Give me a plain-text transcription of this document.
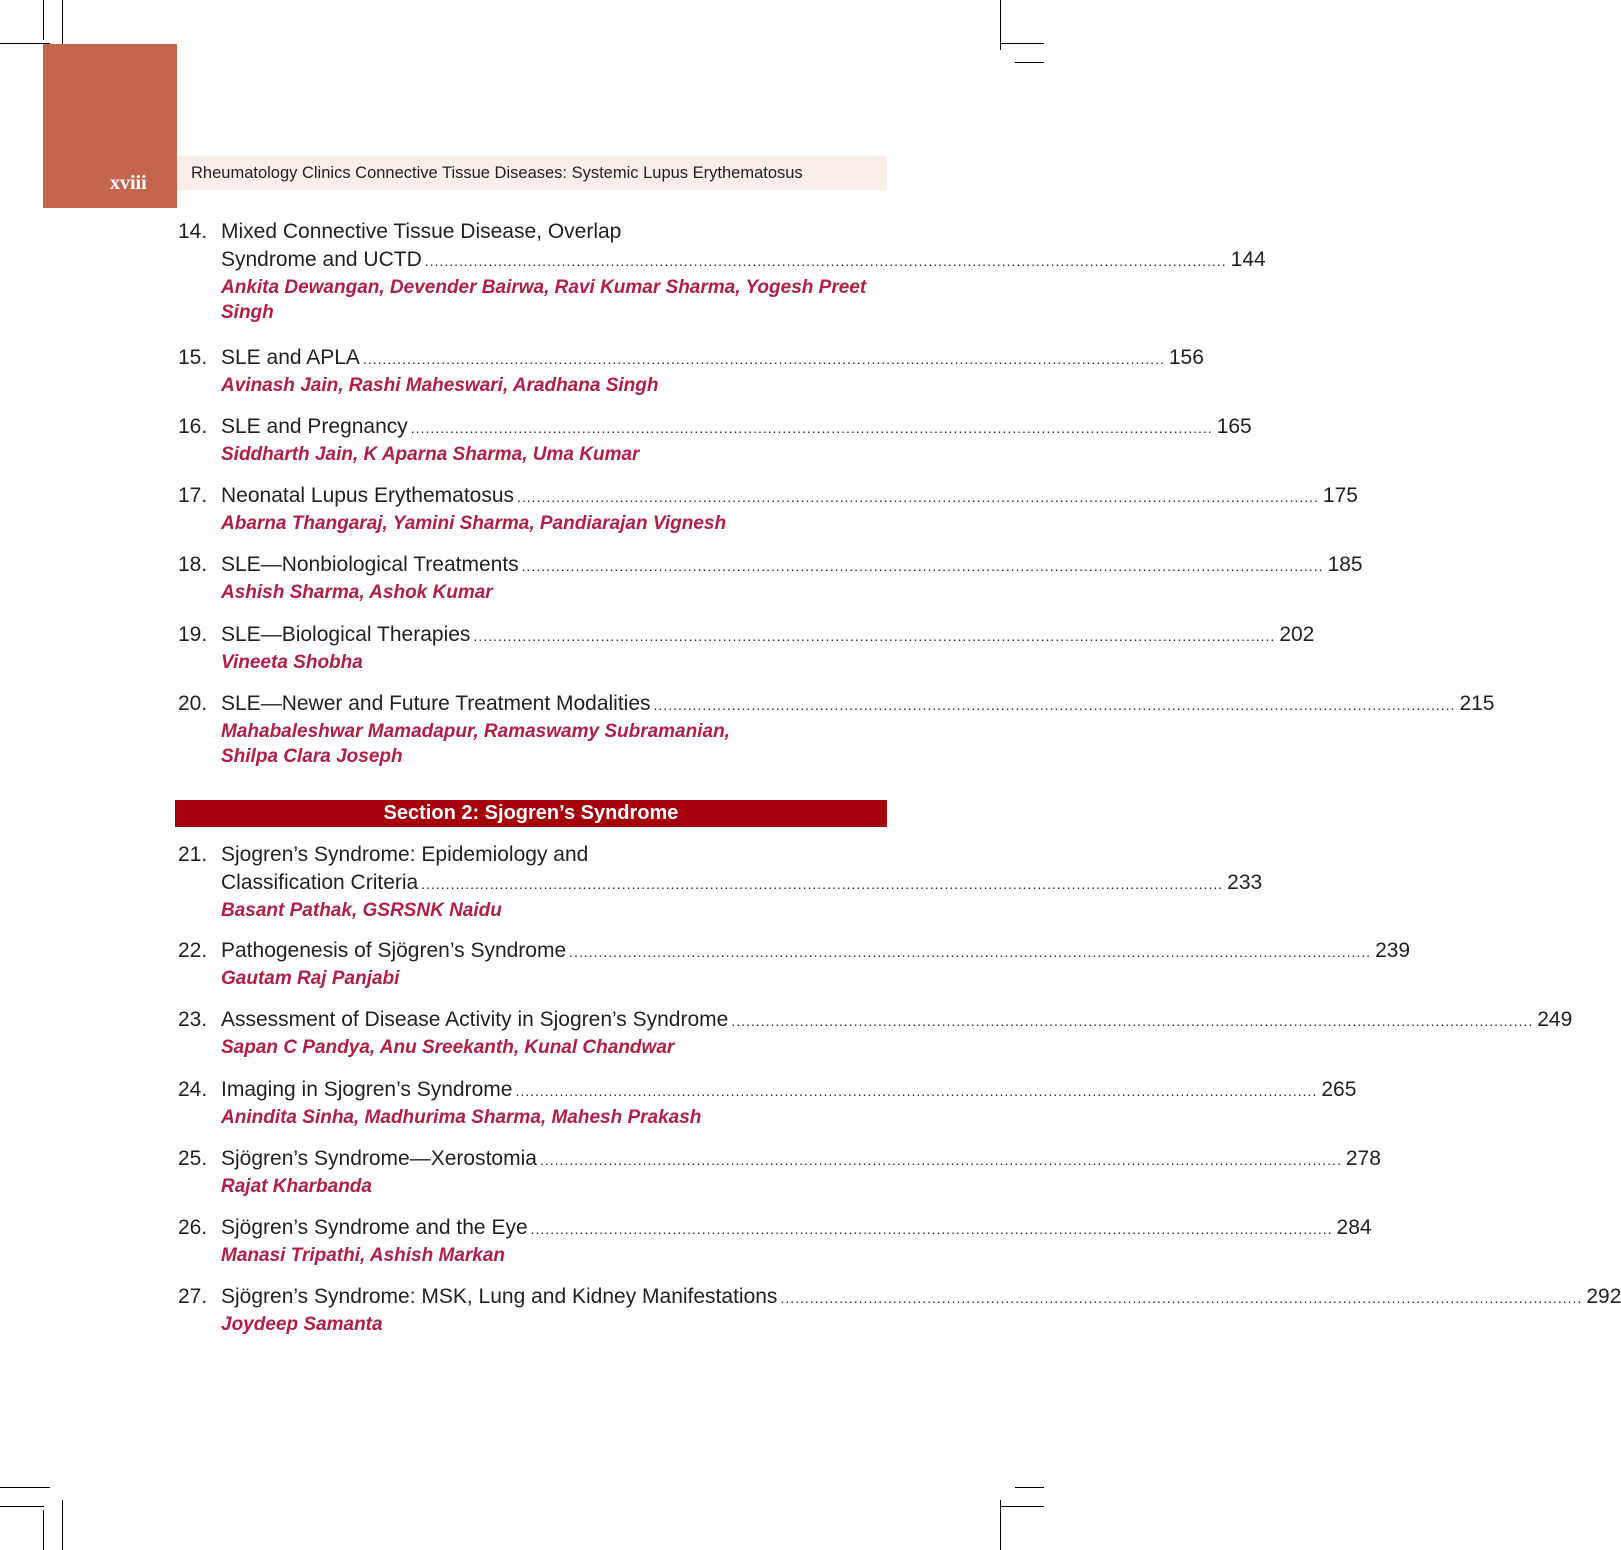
xviii	Rheumatology Clinics Connective Tissue Diseases: Systemic Lupus Erythematosus
14. Mixed Connective Tissue Disease, Overlap
Syndrome and UCTD .................................................................................................................................................................... 144
Ankita Dewangan, Devender Bairwa, Ravi Kumar Sharma, Yogesh Preet
Singh
15. SLE and APLA .................................................................................................................................................................... 156
Avinash Jain, Rashi Maheswari, Aradhana Singh
16. SLE and Pregnancy .................................................................................................................................................................... 165
Siddharth Jain, K Aparna Sharma, Uma Kumar
17. Neonatal Lupus Erythematosus .................................................................................................................................................................... 175
Abarna Thangaraj, Yamini Sharma, Pandiarajan Vignesh
18. SLE—Nonbiological Treatments .................................................................................................................................................................... 185
Ashish Sharma, Ashok Kumar
19. SLE—Biological Therapies .................................................................................................................................................................... 202
Vineeta Shobha
20. SLE—Newer and Future Treatment Modalities .................................................................................................................................................................... 215
Mahabaleshwar Mamadapur, Ramaswamy Subramanian,
Shilpa Clara Joseph
Section 2: Sjogren’s Syndrome
21. Sjogren’s Syndrome: Epidemiology and
Classification Criteria .................................................................................................................................................................... 233
Basant Pathak, GSRSNK Naidu
22. Pathogenesis of Sjögren’s Syndrome .................................................................................................................................................................... 239
Gautam Raj Panjabi
23. Assessment of Disease Activity in Sjogren’s Syndrome .................................................................................................................................................................... 249
Sapan C Pandya, Anu Sreekanth, Kunal Chandwar
24. Imaging in Sjogren’s Syndrome .................................................................................................................................................................... 265
Anindita Sinha, Madhurima Sharma, Mahesh Prakash
25. Sjögren’s Syndrome—Xerostomia .................................................................................................................................................................... 278
Rajat Kharbanda
26. Sjögren’s Syndrome and the Eye .................................................................................................................................................................... 284
Manasi Tripathi, Ashish Markan
27. Sjögren’s Syndrome: MSK, Lung and Kidney Manifestations .................................................................................................................................................................... 292
Joydeep Samanta
